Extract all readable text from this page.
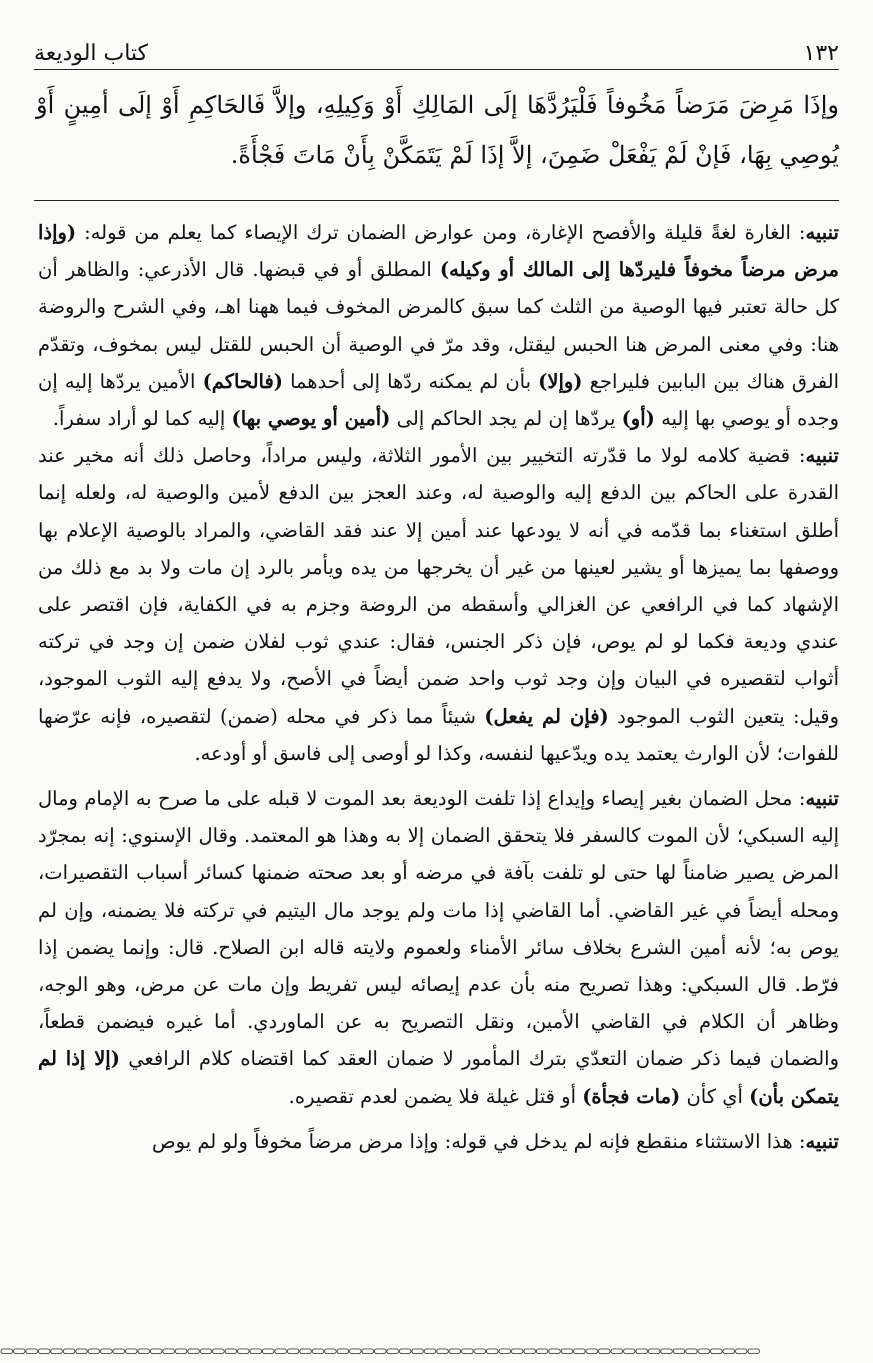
كتاب الوديعة	١٣٢
وإذَا مَرِضَ مَرَضاً مَخُوفاً فَلْيَرُدَّهَا إلَى المَالِكِ أَوْ وَكِيلِهِ، وإلاَّ فَالحَاكِمِ أَوْ إلَى أمِينٍ أَوْ يُوصِي بِهَا، فَإنْ لَمْ يَفْعَلْ ضَمِنَ، إلاَّ إذَا لَمْ يَتَمَكَّنْ بِأَنْ مَاتَ فَجْأَةً.

تنبيه: الغارة لغةً قليلة والأفصح الإغارة، ومن عوارض الضمان ترك الإيصاء كما يعلم من قوله: (وإذا مرض مرضاً مخوفاً فليردّها إلى المالك أو وكيله) المطلق أو في قبضها. قال الأذرعي: والظاهر أن كل حالة تعتبر فيها الوصية من الثلث كما سبق كالمرض المخوف فيما ههنا اهـ، وفي الشرح والروضة هنا: وفي معنى المرض هنا الحبس ليقتل، وقد مرّ في الوصية أن الحبس للقتل ليس بمخوف، وتقدّم الفرق هناك بين البابين فليراجع (وإلا) بأن لم يمكنه ردّها إلى أحدهما (فالحاكم) الأمين يردّها إليه إن وجده أو يوصي بها إليه (أو) يردّها إن لم يجد الحاكم إلى (أمين أو يوصي بها) إليه كما لو أراد سفراً.

تنبيه: قضية كلامه لولا ما قدّرته التخيير بين الأمور الثلاثة، وليس مراداً، وحاصل ذلك أنه مخير عند القدرة على الحاكم بين الدفع إليه والوصية له، وعند العجز بين الدفع لأمين والوصية له، ولعله إنما أطلق استغناء بما قدّمه في أنه لا يودعها عند أمين إلا عند فقد القاضي، والمراد بالوصية الإعلام بها ووصفها بما يميزها أو يشير لعينها من غير أن يخرجها من يده ويأمر بالرد إن مات ولا بد مع ذلك من الإشهاد كما في الرافعي عن الغزالي وأسقطه من الروضة وجزم به في الكفاية، فإن اقتصر على عندي وديعة فكما لو لم يوص، فإن ذكر الجنس، فقال: عندي ثوب لفلان ضمن إن وجد في تركته أثواب لتقصيره في البيان وإن وجد ثوب واحد ضمن أيضاً في الأصح، ولا يدفع إليه الثوب الموجود، وقيل: يتعين الثوب الموجود (فإن لم يفعل) شيئاً مما ذكر في محله (ضمن) لتقصيره، فإنه عرّضها للفوات؛ لأن الوارث يعتمد يده ويدّعيها لنفسه، وكذا لو أوصى إلى فاسق أو أودعه.

تنبيه: محل الضمان بغير إيصاء وإيداع إذا تلفت الوديعة بعد الموت لا قبله على ما صرح به الإمام ومال إليه السبكي؛ لأن الموت كالسفر فلا يتحقق الضمان إلا به وهذا هو المعتمد. وقال الإسنوي: إنه بمجرّد المرض يصير ضامناً لها حتى لو تلفت بآفة في مرضه أو بعد صحته ضمنها كسائر أسباب التقصيرات، ومحله أيضاً في غير القاضي. أما القاضي إذا مات ولم يوجد مال اليتيم في تركته فلا يضمنه، وإن لم يوص به؛ لأنه أمين الشرع بخلاف سائر الأمناء ولعموم ولايته قاله ابن الصلاح. قال: وإنما يضمن إذا فرّط. قال السبكي: وهذا تصريح منه بأن عدم إيصائه ليس تفريط وإن مات عن مرض، وهو الوجه، وظاهر أن الكلام في القاضي الأمين، ونقل التصريح به عن الماوردي. أما غيره فيضمن قطعاً، والضمان فيما ذكر ضمان التعدّي بترك المأمور لا ضمان العقد كما اقتضاه كلام الرافعي (إلا إذا لم يتمكن بأن) أي كأن (مات فجأة) أو قتل غيلة فلا يضمن لعدم تقصيره.

تنبيه: هذا الاستثناء منقطع فإنه لم يدخل في قوله: وإذا مرض مرضاً مخوفاً ولو لم يوص

⊂⊃⊂⊃⊂⊃⊂⊃⊂⊃⊂⊃⊂⊃⊂⊃⊂⊃⊂⊃⊂⊃⊂⊃⊂⊃⊂⊃⊂⊃⊂⊃⊂⊃⊂⊃⊂⊃⊂⊃⊂⊃⊂⊃⊂⊃⊂⊃⊂⊃⊂⊃⊂⊃⊂⊃⊂⊃⊂⊃⊂⊃⊂⊃⊂⊃⊂⊃⊂⊃⊂⊃⊂⊃⊂⊃⊂⊃⊂⊃⊂⊃⊂⊃⊂⊃⊂⊃⊂⊃⊂⊃⊂⊃⊂⊃⊂⊃⊂⊃⊂⊃⊂⊃⊂⊃⊂⊃⊂⊃⊂⊃⊂⊃⊂⊃⊂⊃⊂⊃⊂⊃
